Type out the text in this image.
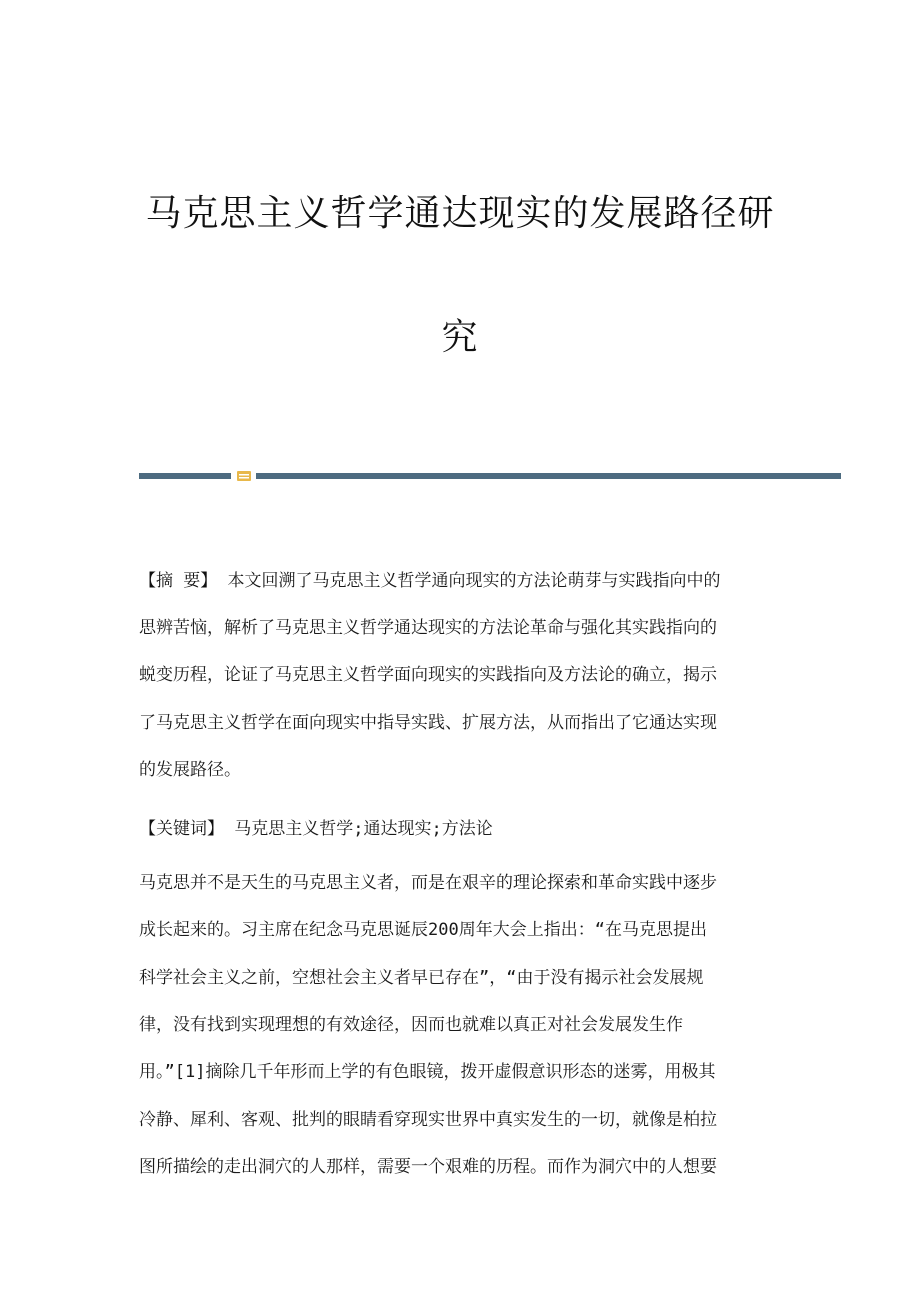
马克思主义哲学通达现实的发展路径研
究
【摘 要】 本文回溯了马克思主义哲学通向现实的方法论萌芽与实践指向中的
思辨苦恼，解析了马克思主义哲学通达现实的方法论革命与强化其实践指向的
蜕变历程，论证了马克思主义哲学面向现实的实践指向及方法论的确立，揭示
了马克思主义哲学在面向现实中指导实践、扩展方法，从而指出了它通达实现
的发展路径。
【关键词】 马克思主义哲学;通达现实;方法论
马克思并不是天生的马克思主义者，而是在艰辛的理论探索和革命实践中逐步
成长起来的。习主席在纪念马克思诞辰200周年大会上指出：“在马克思提出
科学社会主义之前，空想社会主义者早已存在”，“由于没有揭示社会发展规
律，没有找到实现理想的有效途径，因而也就难以真正对社会发展发生作
用。”[1]摘除几千年形而上学的有色眼镜，拨开虚假意识形态的迷雾，用极其
冷静、犀利、客观、批判的眼睛看穿现实世界中真实发生的一切，就像是柏拉
图所描绘的走出洞穴的人那样，需要一个艰难的历程。而作为洞穴中的人想要
